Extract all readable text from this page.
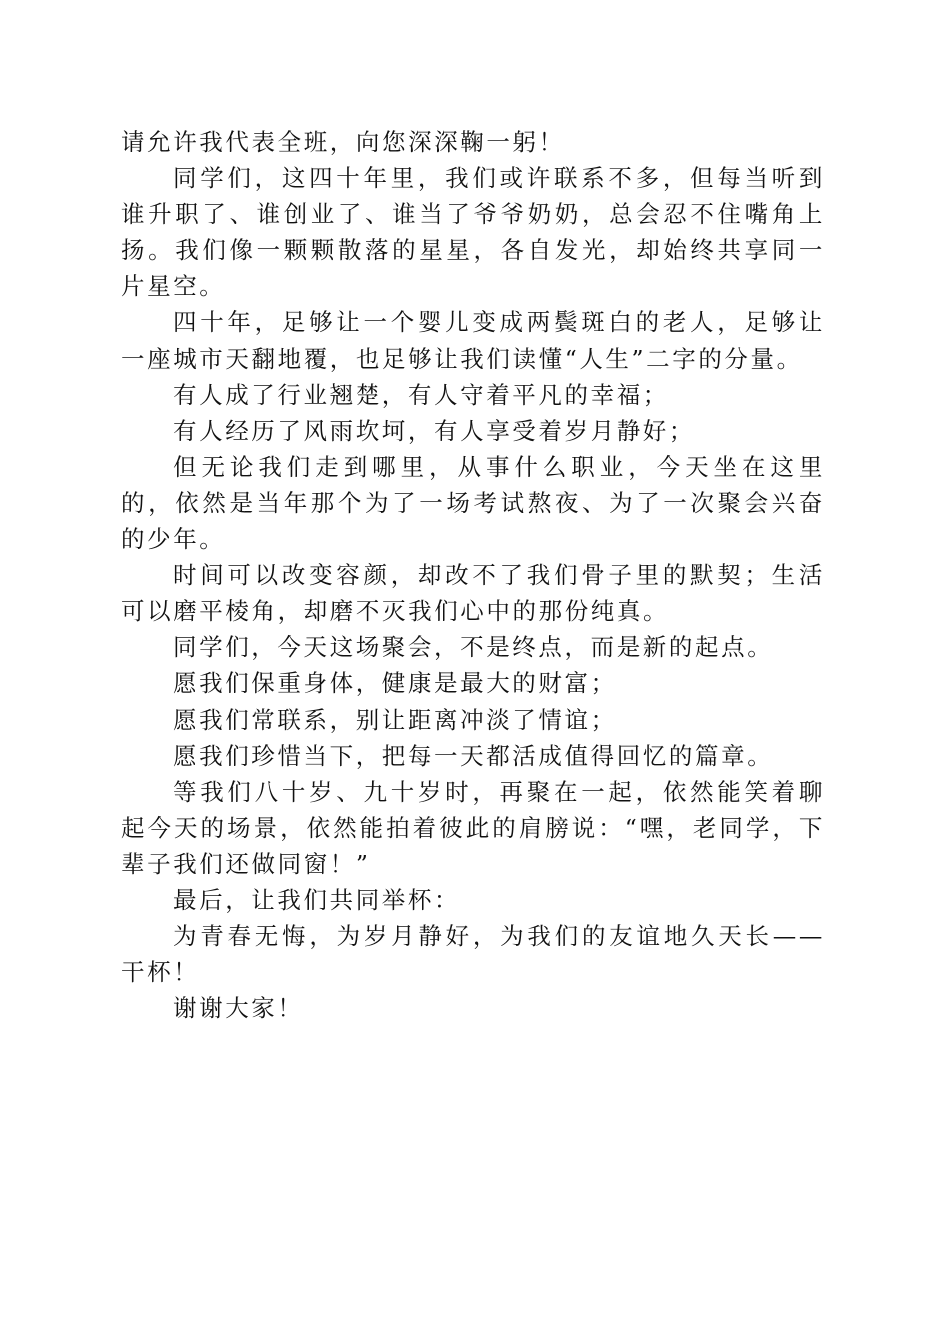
请允许我代表全班，向您深深鞠一躬！

同学们，这四十年里，我们或许联系不多，但每当听到谁升职了、谁创业了、谁当了爷爷奶奶，总会忍不住嘴角上扬。我们像一颗颗散落的星星，各自发光，却始终共享同一片星空。

四十年，足够让一个婴儿变成两鬓斑白的老人，足够让一座城市天翻地覆，也足够让我们读懂“人生”二字的分量。

有人成了行业翘楚，有人守着平凡的幸福；

有人经历了风雨坎坷，有人享受着岁月静好；

但无论我们走到哪里，从事什么职业，今天坐在这里的，依然是当年那个为了一场考试熬夜、为了一次聚会兴奋的少年。

时间可以改变容颜，却改不了我们骨子里的默契；生活可以磨平棱角，却磨不灭我们心中的那份纯真。

同学们，今天这场聚会，不是终点，而是新的起点。

愿我们保重身体，健康是最大的财富；

愿我们常联系，别让距离冲淡了情谊；

愿我们珍惜当下，把每一天都活成值得回忆的篇章。

等我们八十岁、九十岁时，再聚在一起，依然能笑着聊起今天的场景，依然能拍着彼此的肩膀说：“嘿，老同学，下辈子我们还做同窗！”

最后，让我们共同举杯：

为青春无悔，为岁月静好，为我们的友谊地久天长——干杯！

谢谢大家！
